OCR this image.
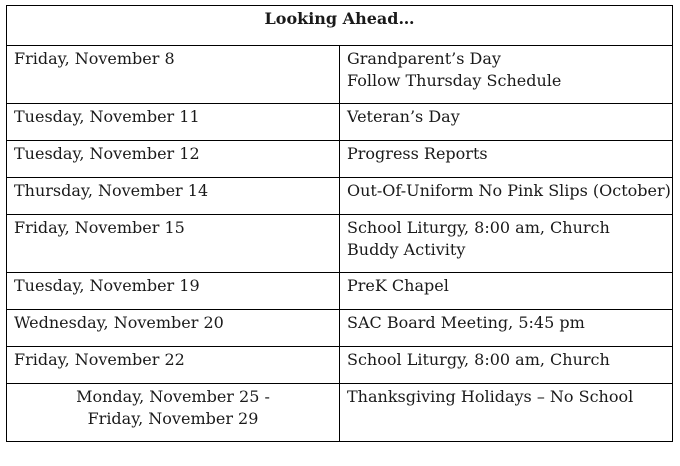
Looking Ahead…	

Friday, November 8	Grandparent’s Day
Follow Thursday Schedule

Tuesday, November 11	Veteran’s Day

Tuesday, November 12	Progress Reports

Thursday, November 14	Out-Of-Uniform No Pink Slips (October)

Friday, November 15	School Liturgy, 8:00 am, Church
Buddy Activity

Tuesday, November 19	PreK Chapel

Wednesday, November 20	SAC Board Meeting, 5:45 pm

Friday, November 22	School Liturgy, 8:00 am, Church

Monday, November 25 -
Friday, November 29	Thanksgiving Holidays – No School
